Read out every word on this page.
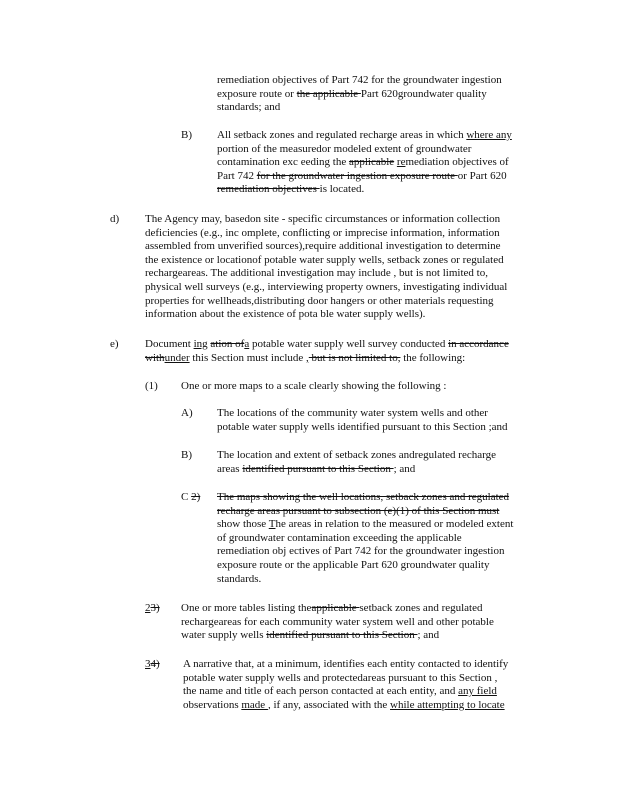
remediation objectives of Part 742 for the groundwater ingestion
exposure route or the applicable Part 620groundwater quality
standards; and
B) All setback zones and regulated recharge areas in which where any
portion of the measuredor modeled extent of groundwater
contamination exc eeding the applicable remediation objectives of
Part 742 for the groundwater ingestion exposure route or Part 620
remediation objectives is located.
d) The Agency may, basedon site - specific circumstances or information collection
deficiencies (e.g., inc omplete, conflicting or imprecise information, information
assembled from unverified sources),require additional investigation to determine
the existence or locationof potable water supply wells, setback zones or regulated
rechargeareas. The additional investigation may include , but is not limited to,
physical well surveys (e.g., interviewing property owners, investigating individual
properties for wellheads,distributing door hangers or other materials requesting
information about the existence of pota ble water supply wells).
e) Document ing ation ofa potable water supply well survey conducted in accordance
withunder this Section must include , but is not limited to, the following:
(1) One or more maps to a scale clearly showing the following :
A) The locations of the community water system wells and other
potable water supply wells identified pursuant to this Section ;and
B) The location and extent of setback zones andregulated recharge
areas identified pursuant to this Section ; and
C 2) The maps showing the well locations, setback zones and regulated
recharge areas pursuant to subsection (e)(1) of this Section must
show those The areas in relation to the measured or modeled extent
of groundwater contamination exceeding the applicable
remediation obj ectives of Part 742 for the groundwater ingestion
exposure route or the applicable Part 620 groundwater quality
standards.
23) One or more tables listing theapplicable setback zones and regulated
rechargeareas for each community water system well and other potable
water supply wells identified pursuant to this Section ; and
34) A narrative that, at a minimum, identifies each entity contacted to identify
potable water supply wells and protectedareas pursuant to this Section ,
the name and title of each person contacted at each entity, and any field
observations made , if any, associated with the while attempting to locate
